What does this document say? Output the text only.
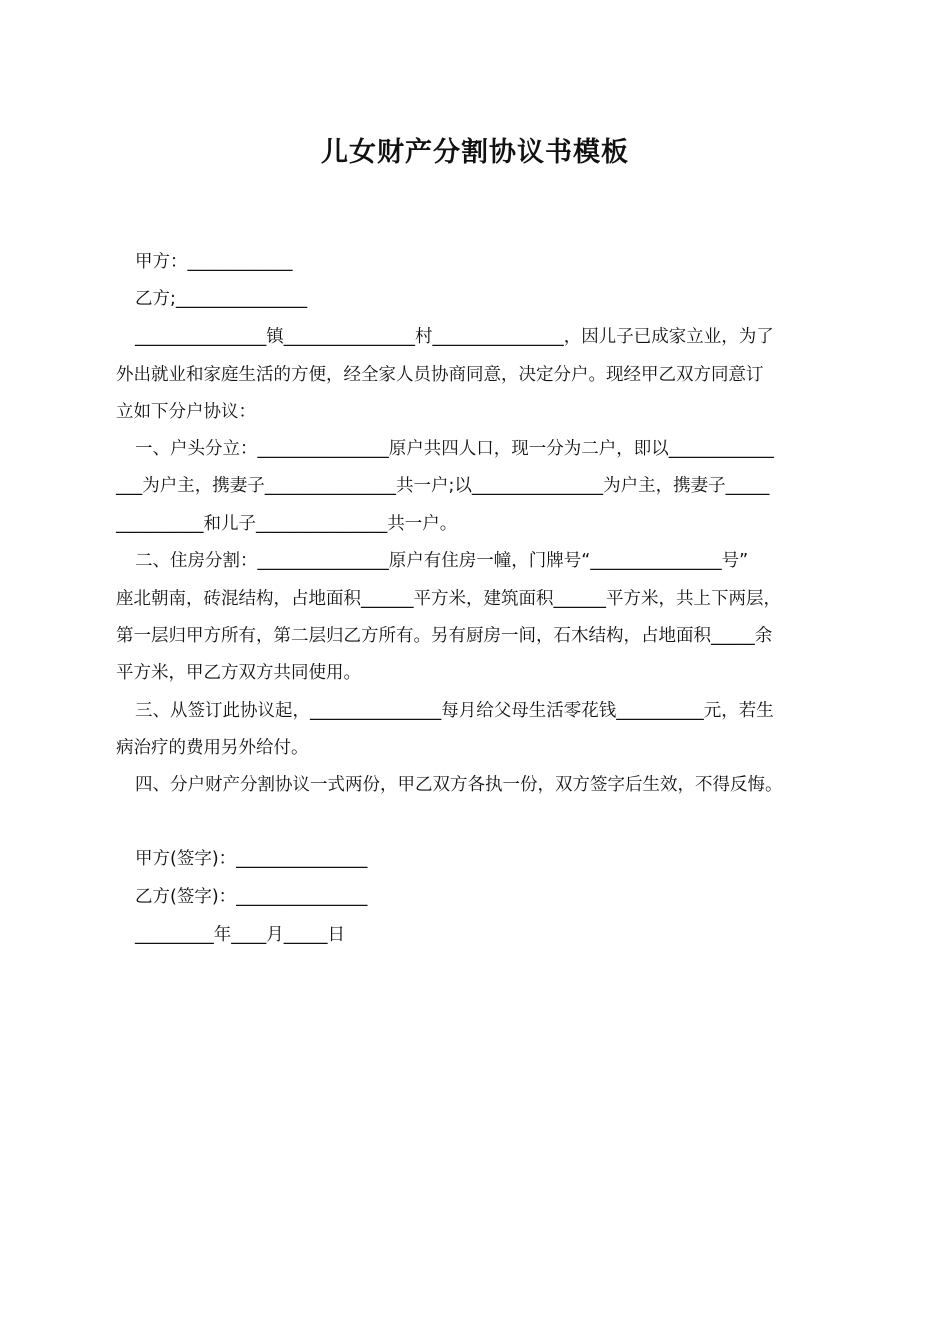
儿女财产分割协议书模板

甲方：____________

乙方;_______________

_______________镇_______________村_______________，因儿子已成家立业，为了

外出就业和家庭生活的方便，经全家人员协商同意，决定分户。现经甲乙双方同意订

立如下分户协议：

一、户头分立：_______________原户共四人口，现一分为二户，即以____________

___为户主，携妻子_______________共一户;以_______________为户主，携妻子_____

__________和儿子_______________共一户。

二、住房分割：_______________原户有住房一幢，门牌号“_______________号”

座北朝南，砖混结构，占地面积______平方米，建筑面积______平方米，共上下两层，

第一层归甲方所有，第二层归乙方所有。另有厨房一间，石木结构，占地面积_____余

平方米，甲乙方双方共同使用。

三、从签订此协议起，_______________每月给父母生活零花钱__________元，若生

病治疗的费用另外给付。

四、分户财产分割协议一式两份，甲乙双方各执一份，双方签字后生效，不得反悔。

甲方(签字)：_______________

乙方(签字)：_______________

_________年____月_____日
